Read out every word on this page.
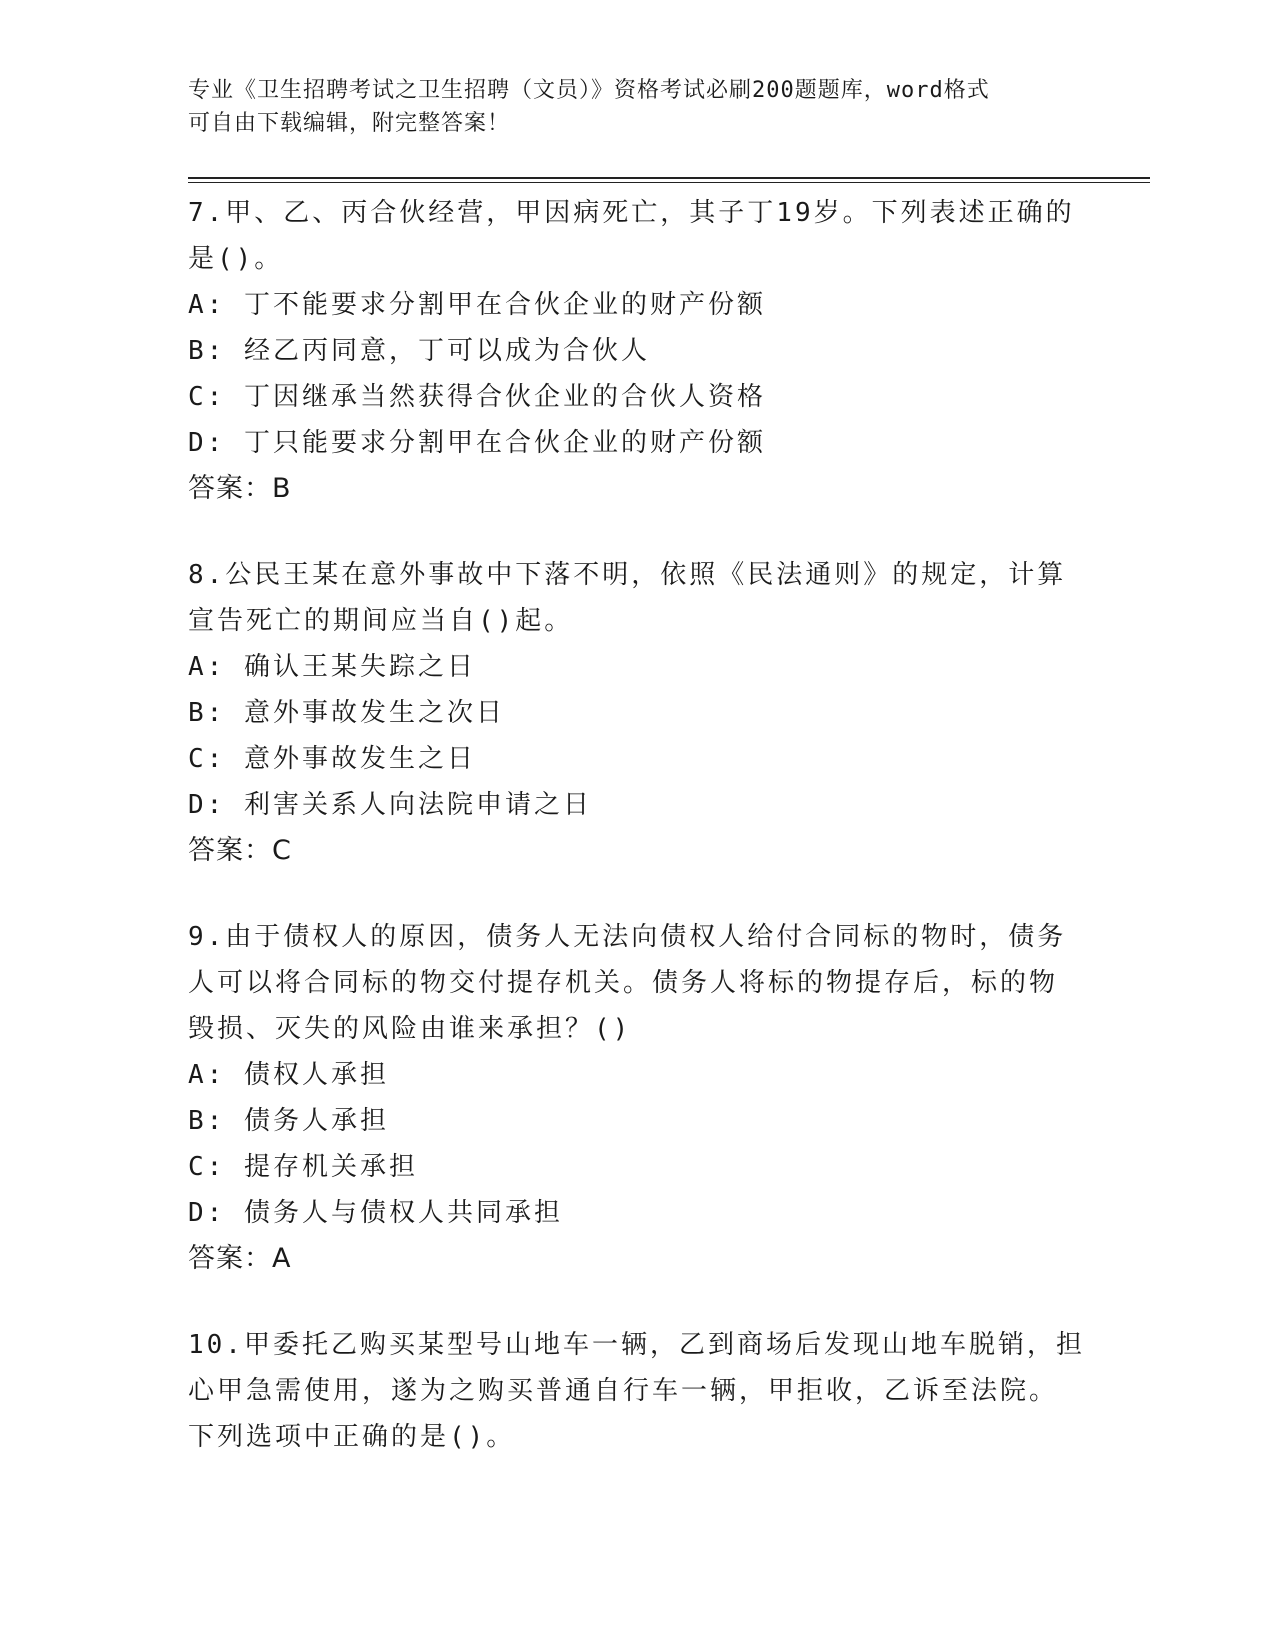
专业《卫生招聘考试之卫生招聘（文员）》资格考试必刷200题题库，word格式
可自由下载编辑，附完整答案！
7.甲、乙、丙合伙经营，甲因病死亡，其子丁19岁。下列表述正确的
是()。
A: 丁不能要求分割甲在合伙企业的财产份额
B: 经乙丙同意，丁可以成为合伙人
C: 丁因继承当然获得合伙企业的合伙人资格
D: 丁只能要求分割甲在合伙企业的财产份额
答案：B
8.公民王某在意外事故中下落不明，依照《民法通则》的规定，计算
宣告死亡的期间应当自()起。
A: 确认王某失踪之日
B: 意外事故发生之次日
C: 意外事故发生之日
D: 利害关系人向法院申请之日
答案：C
9.由于债权人的原因，债务人无法向债权人给付合同标的物时，债务
人可以将合同标的物交付提存机关。债务人将标的物提存后，标的物
毁损、灭失的风险由谁来承担？()
A: 债权人承担
B: 债务人承担
C: 提存机关承担
D: 债务人与债权人共同承担
答案：A
10.甲委托乙购买某型号山地车一辆，乙到商场后发现山地车脱销，担
心甲急需使用，遂为之购买普通自行车一辆，甲拒收，乙诉至法院。
下列选项中正确的是()。
